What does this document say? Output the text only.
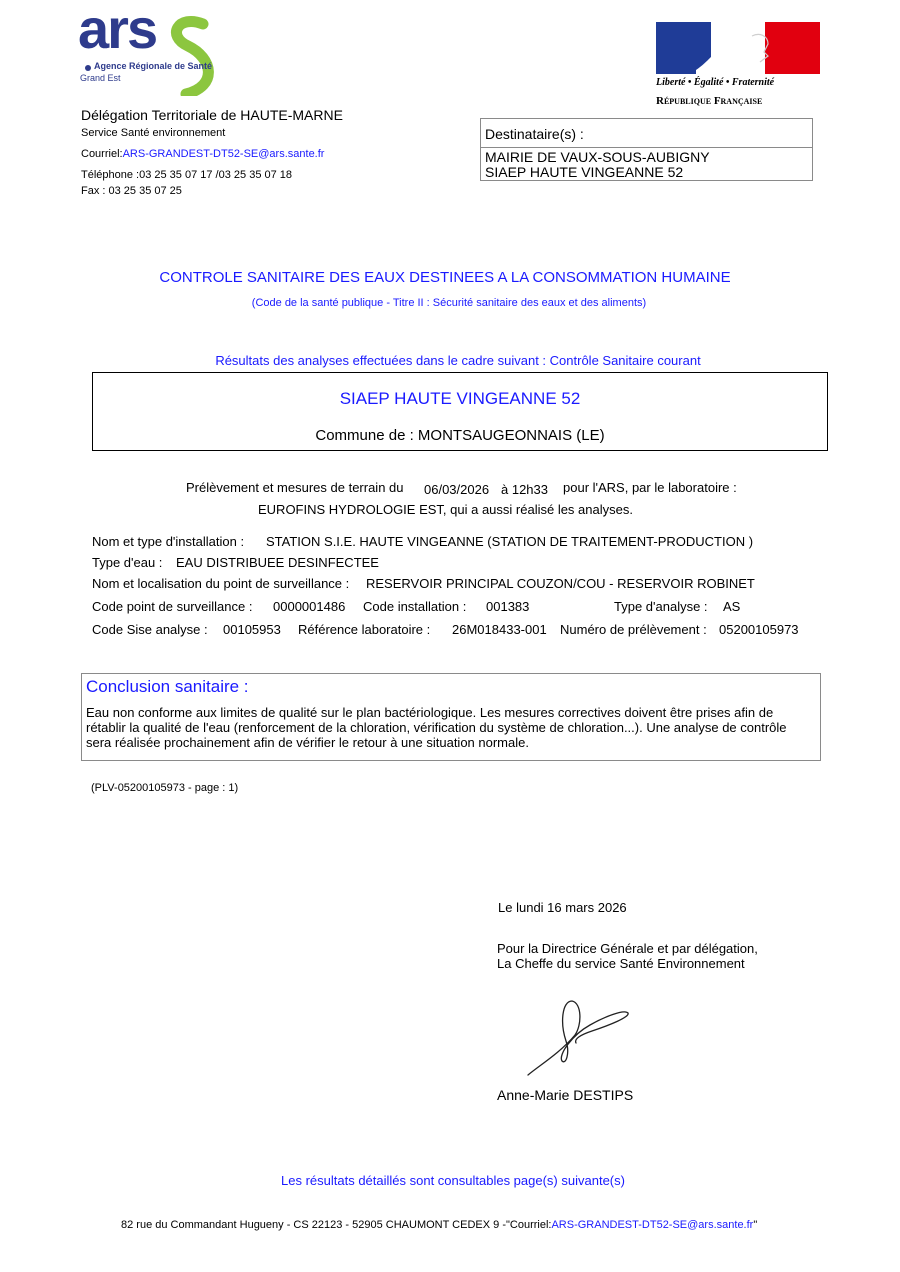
ars
Agence Régionale de Santé
Grand Est	Liberté • Égalité • Fraternité
République Française
Délégation Territoriale de HAUTE-MARNE
Service Santé environnement
Courriel:ARS-GRANDEST-DT52-SE@ars.sante.fr
Téléphone :03 25 35 07 17 /03 25 35 07 18
Fax : 03 25 35 07 25
Destinataire(s) :
MAIRIE DE VAUX-SOUS-AUBIGNY
SIAEP HAUTE VINGEANNE 52
CONTROLE SANITAIRE DES EAUX DESTINEES A LA CONSOMMATION HUMAINE
(Code de la santé publique - Titre II : Sécurité sanitaire des eaux et des aliments)
Résultats des analyses effectuées dans le cadre suivant : Contrôle Sanitaire courant
SIAEP HAUTE VINGEANNE 52
Commune de : MONTSAUGEONNAIS (LE)
Prélèvement et mesures de terrain du 06/03/2026 à 12h33 pour l'ARS, par le laboratoire :
EUROFINS HYDROLOGIE EST, qui a aussi réalisé les analyses.
Nom et type d'installation : STATION S.I.E. HAUTE VINGEANNE (STATION DE TRAITEMENT-PRODUCTION )
Type d'eau : EAU DISTRIBUEE DESINFECTEE
Nom et localisation du point de surveillance : RESERVOIR PRINCIPAL COUZON/COU - RESERVOIR ROBINET
Code point de surveillance : 0000001486 Code installation : 001383	Type d'analyse : AS
Code Sise analyse : 00105953 Référence laboratoire : 26M018433-001 Numéro de prélèvement : 05200105973
Conclusion sanitaire :
Eau non conforme aux limites de qualité sur le plan bactériologique. Les mesures correctives doivent être prises afin de
rétablir la qualité de l'eau (renforcement de la chloration, vérification du système de chloration...). Une analyse de contrôle
sera réalisée prochainement afin de vérifier le retour à une situation normale.
(PLV-05200105973 - page : 1)
Le lundi 16 mars 2026
Pour la Directrice Générale et par délégation,
La Cheffe du service Santé Environnement
Anne-Marie DESTIPS
Les résultats détaillés sont consultables page(s) suivante(s)
82 rue du Commandant Hugueny - CS 22123 - 52905 CHAUMONT CEDEX 9 -"Courriel:ARS-GRANDEST-DT52-SE@ars.sante.fr"
